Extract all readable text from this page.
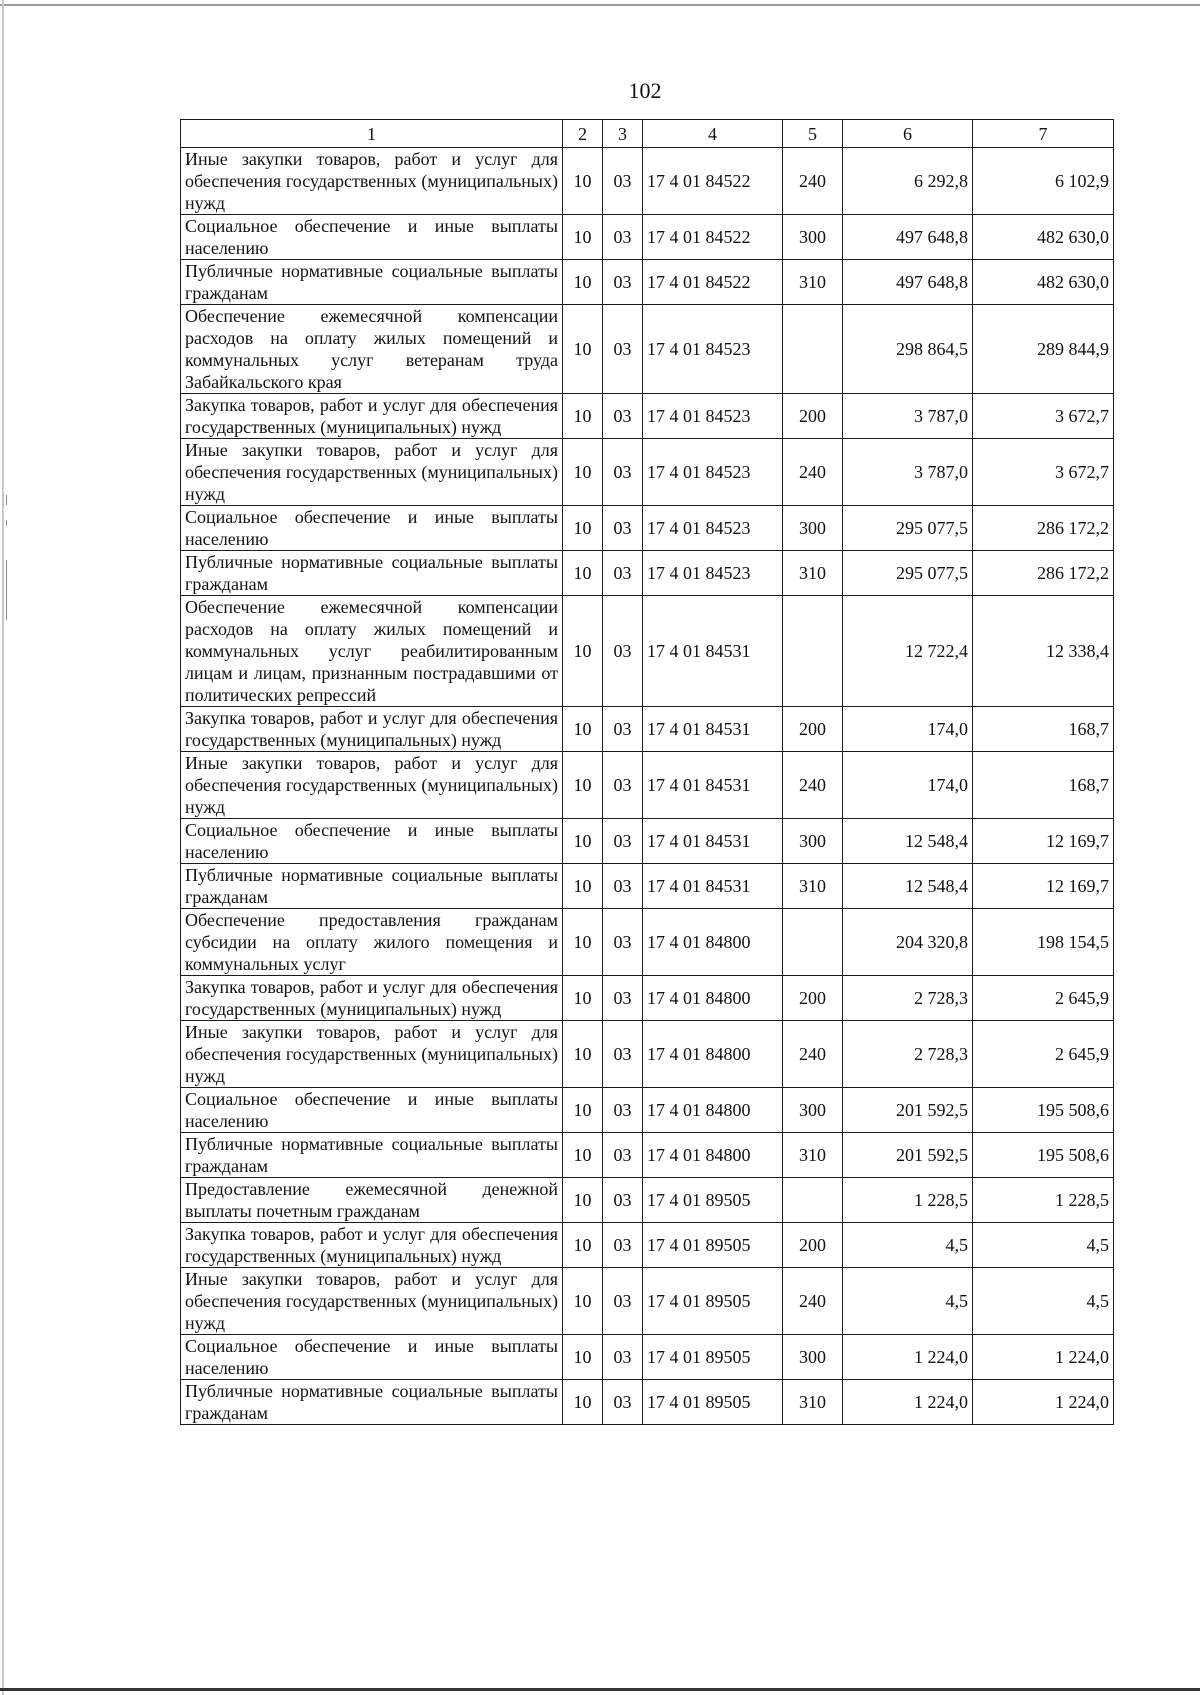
102
1	2	3	4	5	6	7
Иные закупки товаров, работ и услуг для обеспечения государственных (муниципальных) нужд	10	03	17 4 01 84522	240	6 292,8	6 102,9
Социальное обеспечение и иные выплаты населению	10	03	17 4 01 84522	300	497 648,8	482 630,0
Публичные нормативные социальные выплаты гражданам	10	03	17 4 01 84522	310	497 648,8	482 630,0
Обеспечение ежемесячной компенсации расходов на оплату жилых помещений и коммунальных услуг ветеранам труда Забайкальского края	10	03	17 4 01 84523		298 864,5	289 844,9
Закупка товаров, работ и услуг для обеспечения государственных (муниципальных) нужд	10	03	17 4 01 84523	200	3 787,0	3 672,7
Иные закупки товаров, работ и услуг для обеспечения государственных (муниципальных) нужд	10	03	17 4 01 84523	240	3 787,0	3 672,7
Социальное обеспечение и иные выплаты населению	10	03	17 4 01 84523	300	295 077,5	286 172,2
Публичные нормативные социальные выплаты гражданам	10	03	17 4 01 84523	310	295 077,5	286 172,2
Обеспечение ежемесячной компенсации расходов на оплату жилых помещений и коммунальных услуг реабилитированным лицам и лицам, признанным пострадавшими от политических репрессий	10	03	17 4 01 84531		12 722,4	12 338,4
Закупка товаров, работ и услуг для обеспечения государственных (муниципальных) нужд	10	03	17 4 01 84531	200	174,0	168,7
Иные закупки товаров, работ и услуг для обеспечения государственных (муниципальных) нужд	10	03	17 4 01 84531	240	174,0	168,7
Социальное обеспечение и иные выплаты населению	10	03	17 4 01 84531	300	12 548,4	12 169,7
Публичные нормативные социальные выплаты гражданам	10	03	17 4 01 84531	310	12 548,4	12 169,7
Обеспечение предоставления гражданам субсидии на оплату жилого помещения и коммунальных услуг	10	03	17 4 01 84800		204 320,8	198 154,5
Закупка товаров, работ и услуг для обеспечения государственных (муниципальных) нужд	10	03	17 4 01 84800	200	2 728,3	2 645,9
Иные закупки товаров, работ и услуг для обеспечения государственных (муниципальных) нужд	10	03	17 4 01 84800	240	2 728,3	2 645,9
Социальное обеспечение и иные выплаты населению	10	03	17 4 01 84800	300	201 592,5	195 508,6
Публичные нормативные социальные выплаты гражданам	10	03	17 4 01 84800	310	201 592,5	195 508,6
Предоставление ежемесячной денежной выплаты почетным гражданам	10	03	17 4 01 89505		1 228,5	1 228,5
Закупка товаров, работ и услуг для обеспечения государственных (муниципальных) нужд	10	03	17 4 01 89505	200	4,5	4,5
Иные закупки товаров, работ и услуг для обеспечения государственных (муниципальных) нужд	10	03	17 4 01 89505	240	4,5	4,5
Социальное обеспечение и иные выплаты населению	10	03	17 4 01 89505	300	1 224,0	1 224,0
Публичные нормативные социальные выплаты гражданам	10	03	17 4 01 89505	310	1 224,0	1 224,0
